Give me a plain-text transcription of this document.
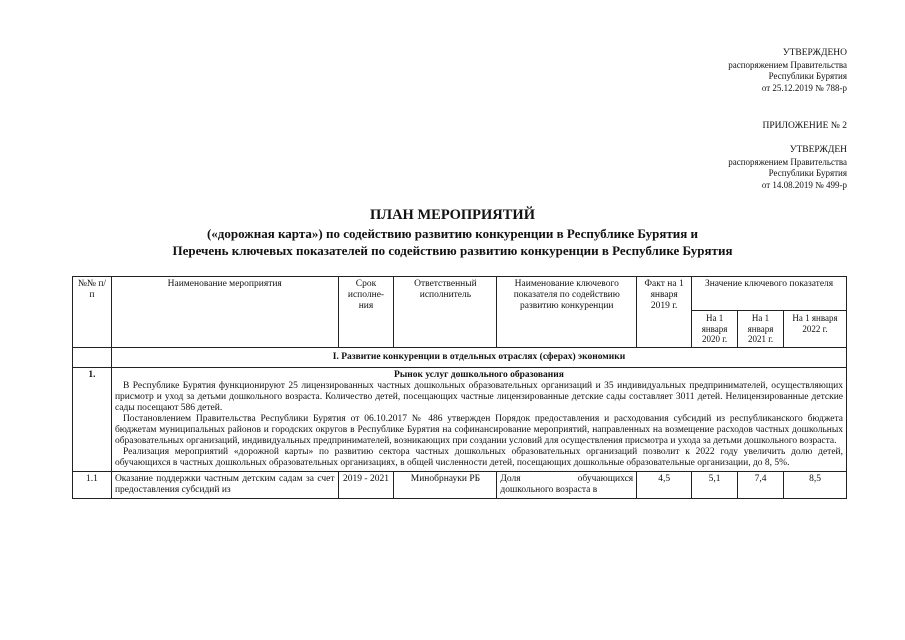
УТВЕРЖДЕНО
распоряжением Правительства
Республики Бурятия
от 25.12.2019 № 788-р
ПРИЛОЖЕНИЕ № 2
УТВЕРЖДЕН
распоряжением Правительства
Республики Бурятия
от 14.08.2019 № 499-р
ПЛАН МЕРОПРИЯТИЙ
(«дорожная карта») по содействию развитию конкуренции в Республике Бурятия и
Перечень ключевых показателей по содействию развитию конкуренции в Республике Бурятия
№№ п/п	Наименование мероприятия	Срок исполне-ния	Ответственный исполнитель	Наименование ключевого показателя по содействию развитию конкуренции	Факт на 1 января 2019 г.	Значение ключевого показателя		
						На 1 января 2020 г.	На 1 января 2021 г.	На 1 января 2022 г.
	I. Развитие конкуренции в отдельных отраслях (сферах) экономики							
1.	Рынок услуг дошкольного образования
В Республике Бурятия функционируют 25 лицензированных частных дошкольных образовательных организаций и 35 индивидуальных предпринимателей, осуществляющих присмотр и уход за детьми дошкольного возраста. Количество детей, посещающих частные лицензированные детские сады составляет 3011 детей. Нелицензированные детские сады посещают 586 детей.
Постановлением Правительства Республики Бурятия от 06.10.2017 № 486 утвержден Порядок предоставления и расходования субсидий из республиканского бюджета бюджетам муниципальных районов и городских округов в Республике Бурятия на софинансирование мероприятий, направленных на возмещение расходов частных дошкольных образовательных организаций, индивидуальных предпринимателей, возникающих при создании условий для осуществления присмотра и ухода за детьми дошкольного возраста.
Реализация мероприятий «дорожной карты» по развитию сектора частных дошкольных образовательных организаций позволит к 2022 году увеличить долю детей, обучающихся в частных дошкольных образовательных организациях, в общей численности детей, посещающих дошкольные образовательные организации, до 8, 5%.							

1.1	Оказание поддержки частным детским садам за счет предоставления субсидий из	2019 - 2021	Минобрнауки РБ	Доля обучающихся дошкольного возраста в	4,5	5,1	7,4	8,5
